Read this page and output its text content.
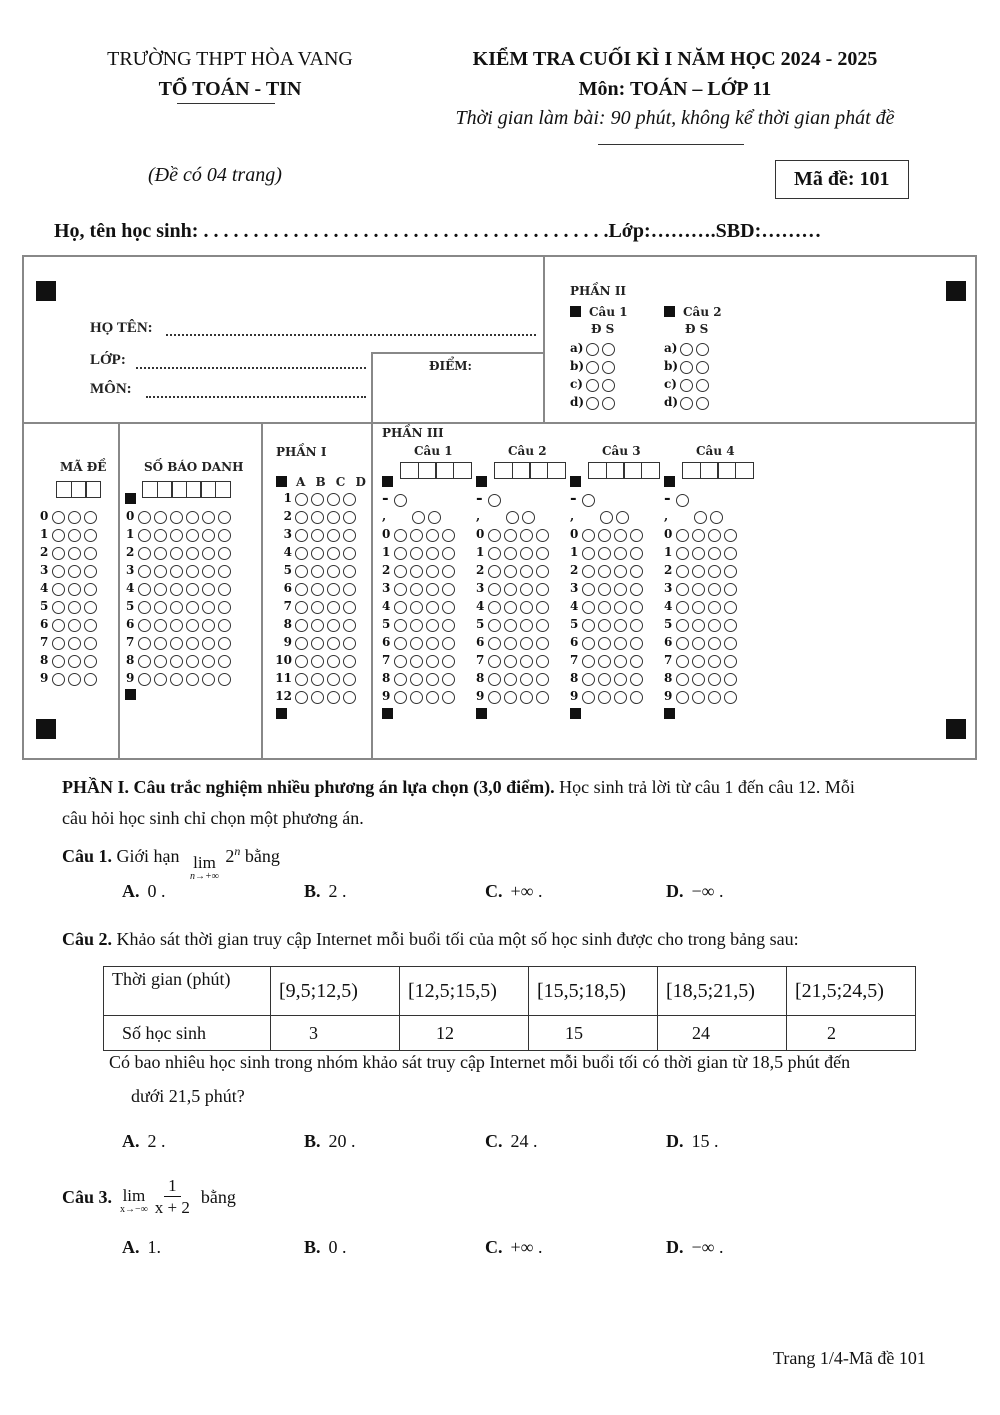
TRƯỜNG THPT HÒA VANG
TỔ TOÁN - TIN
KIỂM TRA CUỐI KÌ I NĂM HỌC 2024 - 2025
Môn: TOÁN – LỚP 11
Thời gian làm bài: 90 phút, không kể thời gian phát đề
(Đề có 04 trang)	Mã đề: 101
Họ, tên học sinh: . . . . . . . . . . . . . . . . . . . . . . . . . . . . . . . . . . . . . . . . .Lớp:……….SBD:………
HỌ TÊN:
LỚP:
MÔN:
ĐIỂM:
PHẦN II
Câu 1	Câu 2
Đ S	Đ S
a)	a)
b)	b)
c)	c)
d)	d)
MÃ ĐỀ
0
1
2
3
4
5
6
7
8
9
SỐ BÁO DANH
0
1
2
3
4
5
6
7
8
9
PHẦN I
A B C D
1
2
3
4
5
6
7
8
9
10
11
12
PHẦN III
Câu 1
-
,
0
1
2
3
4
5
6
7
8
9
Câu 2
-
,
0
1
2
3
4
5
6
7
8
9
Câu 3
-
,
0
1
2
3
4
5
6
7
8
9
Câu 4
-
,
0
1
2
3
4
5
6
7
8
9
PHẦN I. Câu trắc nghiệm nhiều phương án lựa chọn (3,0 điểm). Học sinh trả lời từ câu 1 đến câu 12. Mỗi
câu hỏi học sinh chỉ chọn một phương án.
Câu 1. Giới hạn lim
n→+∞
2$^n$ bằng
A. 0 .	B. 2 .	C. +∞ .	D. −∞ .
Câu 2. Khảo sát thời gian truy cập Internet mỗi buổi tối của một số học sinh được cho trong bảng sau:
Thời gian (phút)	[9,5;12,5)	[12,5;15,5)	[15,5;18,5)	[18,5;21,5)	[21,5;24,5)
Số học sinh	3	12	15	24	2
Có bao nhiêu học sinh trong nhóm khảo sát truy cập Internet mỗi buổi tối có thời gian từ 18,5 phút đến
dưới 21,5 phút?
A. 2 .	B. 20 .	C. 24 .	D. 15 .
Câu 3. lim
$x\to-\infty \frac{1}{x + 2}$ bằng
A. 1.	B. 0 .	C. +∞ .	D. −∞ .
Trang 1/4-Mã đề 101
